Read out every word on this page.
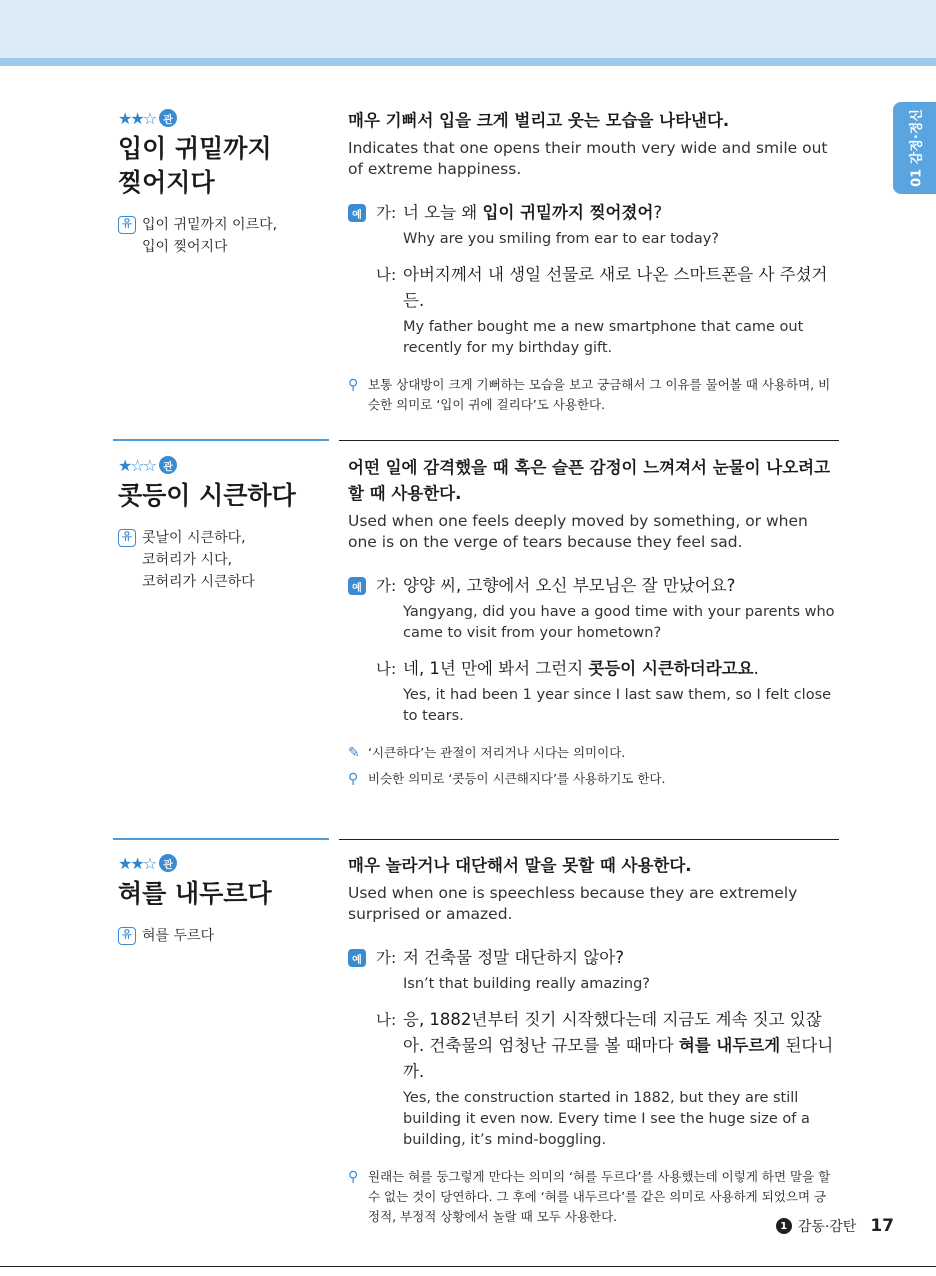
01 감정·정신
★★☆ 관
입이 귀밑까지
찢어지다
유 입이 귀밑까지 이르다,
입이 찢어지다
매우 기뻐서 입을 크게 벌리고 웃는 모습을 나타낸다.
Indicates that one opens their mouth very wide and smile out of extreme happiness.
예 가: 너 오늘 왜 입이 귀밑까지 찢어졌어?
Why are you smiling from ear to ear today?
나: 아버지께서 내 생일 선물로 새로 나온 스마트폰을 사 주셨거든.
My father bought me a new smartphone that came out recently for my birthday gift.
⚲ 보통 상대방이 크게 기뻐하는 모습을 보고 궁금해서 그 이유를 물어볼 때 사용하며, 비슷한 의미로 ‘입이 귀에 걸리다’도 사용한다.
★☆☆ 관
콧등이 시큰하다
유 콧날이 시큰하다,
코허리가 시다,
코허리가 시큰하다
어떤 일에 감격했을 때 혹은 슬픈 감정이 느껴져서 눈물이 나오려고 할 때 사용한다.
Used when one feels deeply moved by something, or when one is on the verge of tears because they feel sad.
예 가: 양양 씨, 고향에서 오신 부모님은 잘 만났어요?
Yangyang, did you have a good time with your parents who came to visit from your hometown?
나: 네, 1년 만에 봐서 그런지 콧등이 시큰하더라고요.
Yes, it had been 1 year since I last saw them, so I felt close to tears.
✎ ‘시큰하다’는 관절이 저리거나 시다는 의미이다.
⚲ 비슷한 의미로 ‘콧등이 시큰해지다’를 사용하기도 한다.
★★☆ 관
혀를 내두르다
유 혀를 두르다
매우 놀라거나 대단해서 말을 못할 때 사용한다.
Used when one is speechless because they are extremely surprised or amazed.
예 가: 저 건축물 정말 대단하지 않아?
Isn’t that building really amazing?
나: 응, 1882년부터 짓기 시작했다는데 지금도 계속 짓고 있잖아. 건축물의 엄청난 규모를 볼 때마다 혀를 내두르게 된다니까.
Yes, the construction started in 1882, but they are still building it even now. Every time I see the huge size of a building, it’s mind-boggling.
⚲ 원래는 혀를 둥그렇게 만다는 의미의 ‘혀를 두르다’를 사용했는데 이렇게 하면 말을 할 수 없는 것이 당연하다. 그 후에 ‘혀를 내두르다’를 같은 의미로 사용하게 되었으며 긍정적, 부정적 상황에서 놀랄 때 모두 사용한다.
1 감동·감탄 17
